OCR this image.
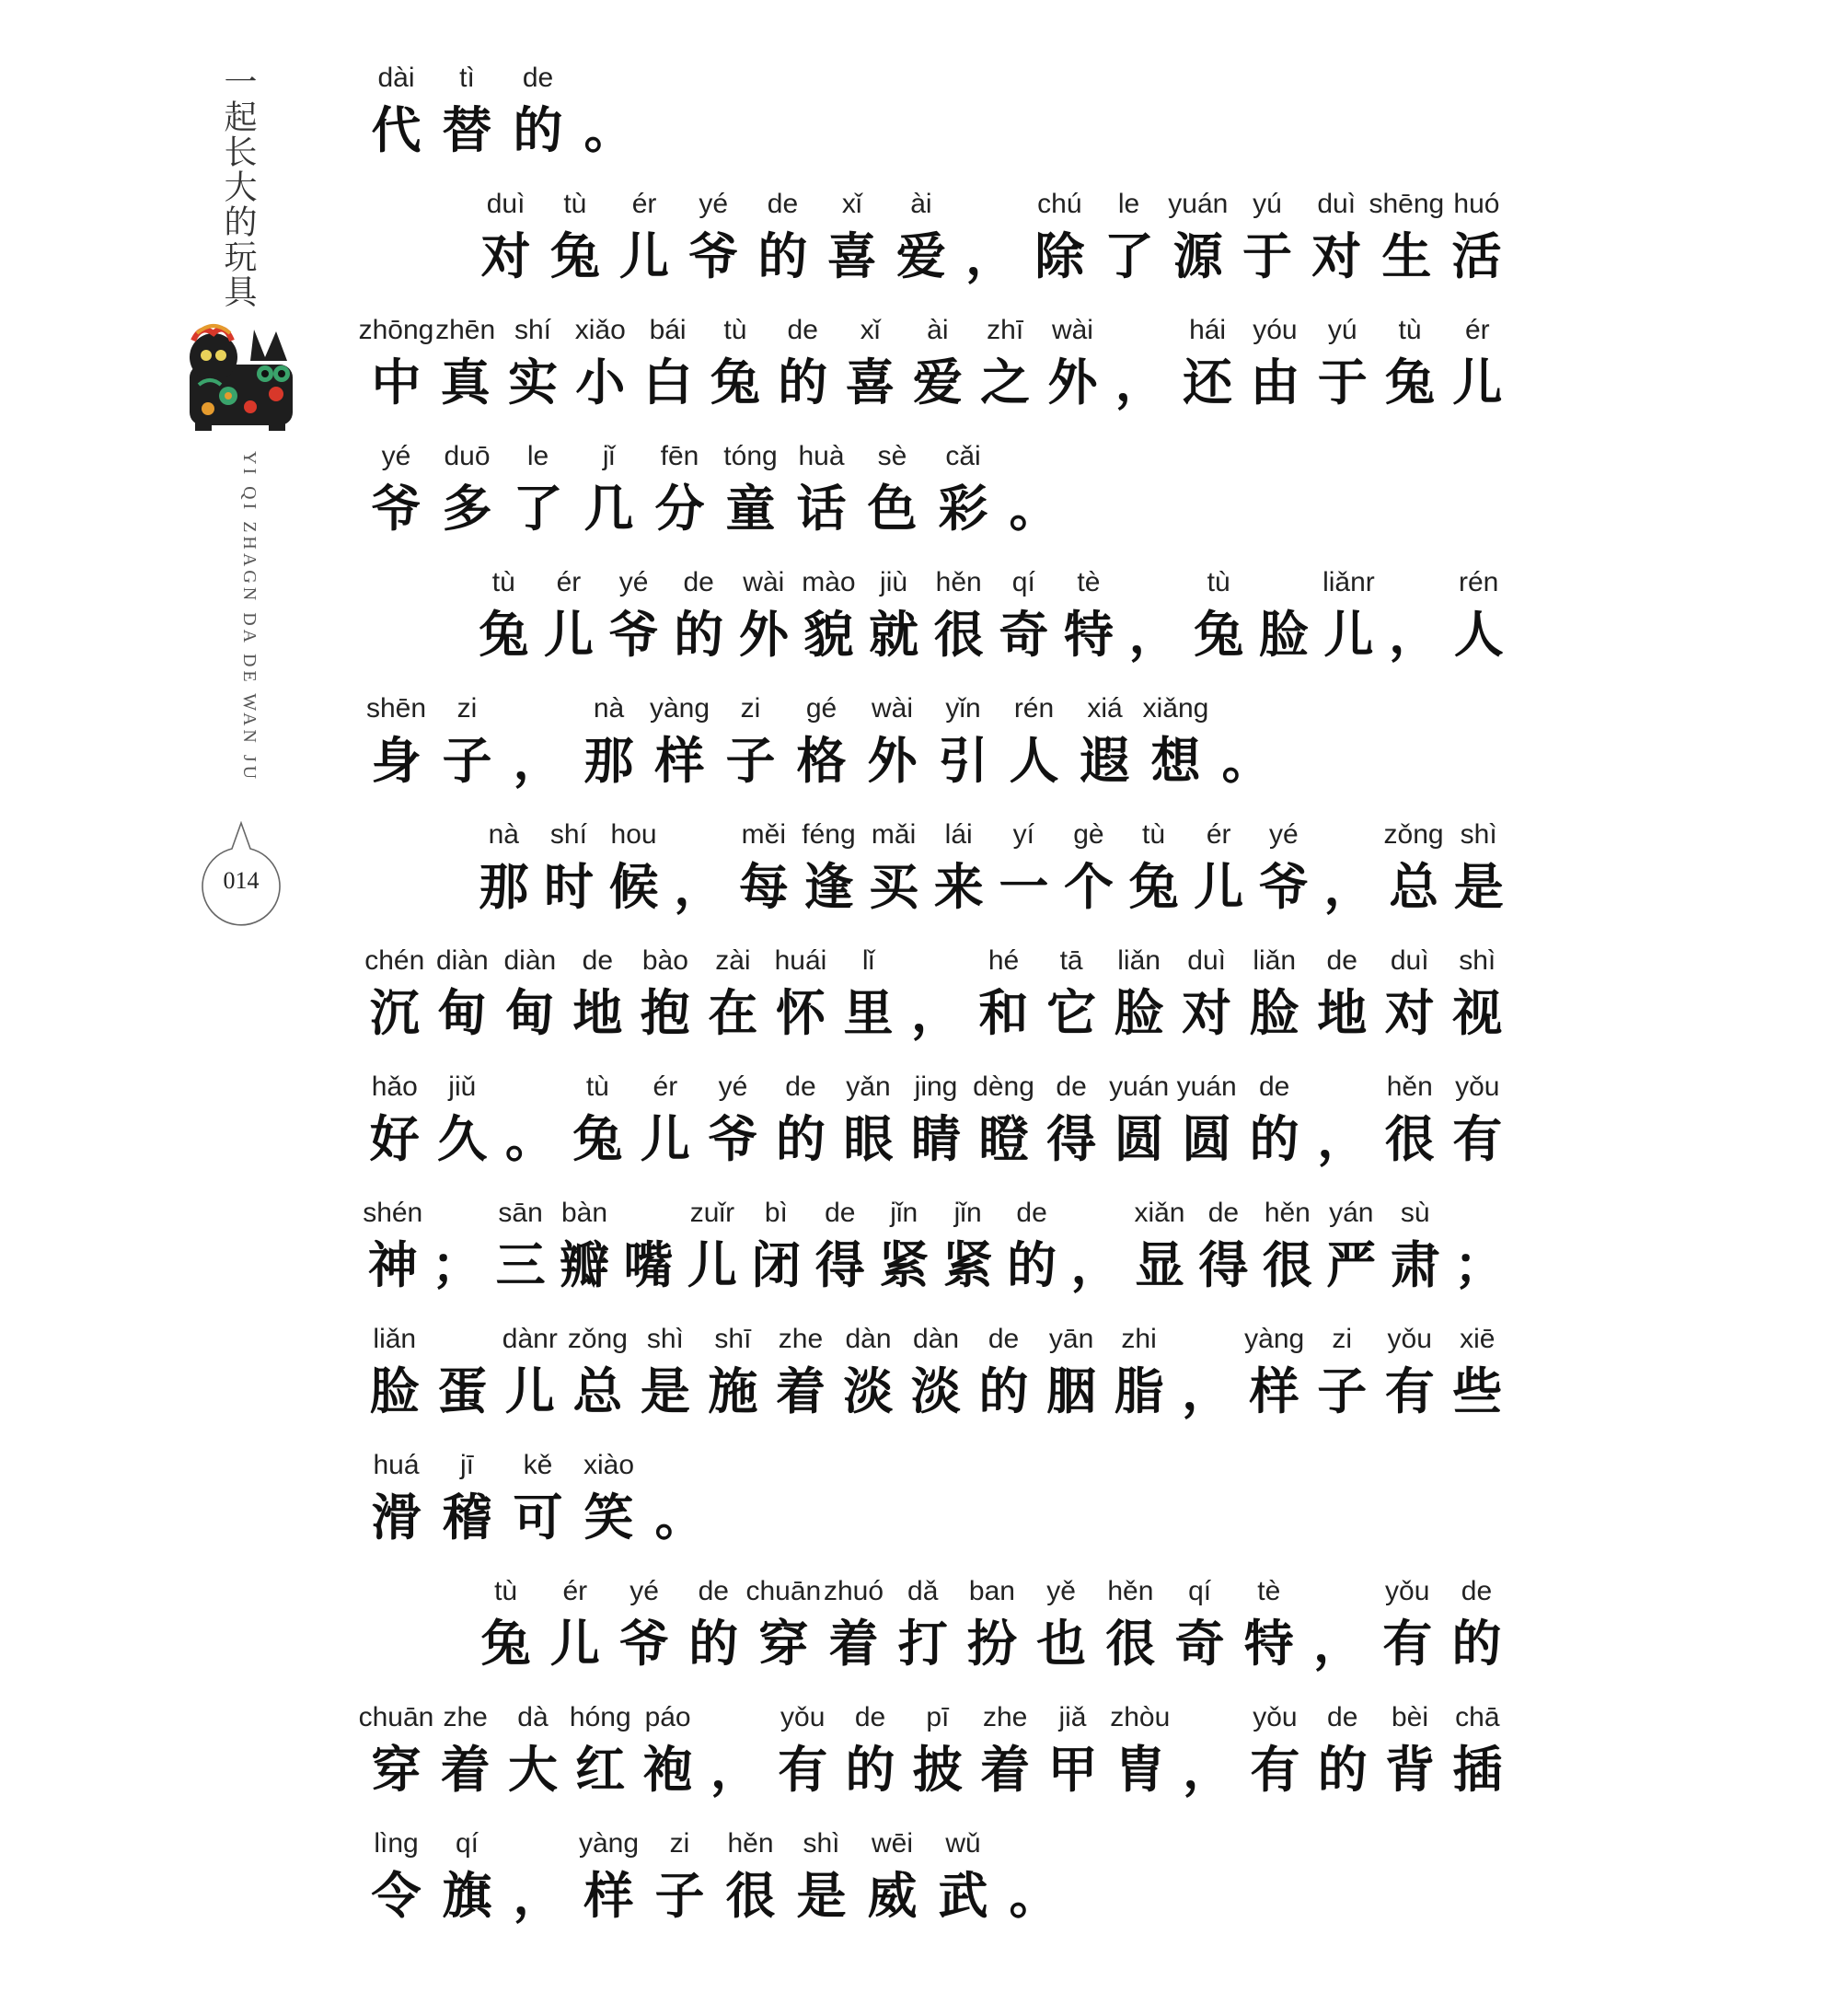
一起长大的玩具
YI QI ZHAGN DA DE WAN JU
014
dài
代
tì
替
de
的 。
duì
对
tù
兔
ér
儿
yé
爷
de
的
xǐ
喜
ài
爱 ，
chú
除
le
了
yuán
源
yú
于
duì
对
shēng
生
huó
活
zhōng
中
zhēn
真
shí
实
xiǎo
小
bái
白
tù
兔
de
的
xǐ
喜
ài
爱
zhī
之
wài
外 ，
hái
还
yóu
由
yú
于
tù
兔
ér
儿
yé
爷
duō
多
le
了
jǐ
几
fēn
分
tóng
童
huà
话
sè
色
cǎi
彩 。
tù
兔
ér
儿
yé
爷
de
的
wài
外
mào
貌
jiù
就
hěn
很
qí
奇
tè
特 ，
tù
兔 脸
liǎnr
儿 ，
rén
人
shēn
身
zi
子 ，
nà
那
yàng
样
zi
子
gé
格
wài
外
yǐn
引
rén
人
xiá
遐
xiǎng
想 。
nà
那
shí
时
hou
候 ，
měi
每
féng
逢
mǎi
买
lái
来
yí
一
gè
个
tù
兔
ér
儿
yé
爷 ，
zǒng
总
shì
是
chén
沉
diàn
甸
diàn
甸
de
地
bào
抱
zài
在
huái
怀
lǐ
里 ，
hé
和
tā
它
liǎn
脸
duì
对
liǎn
脸
de
地
duì
对
shì
视
hǎo
好
jiǔ
久 。
tù
兔
ér
儿
yé
爷
de
的
yǎn
眼
jing
睛
dèng
瞪
de
得
yuán
圆
yuán
圆
de
的 ，
hěn
很
yǒu
有
shén
神 ；
sān
三
bàn
瓣 嘴
zuǐr
儿
bì
闭
de
得
jǐn
紧
jǐn
紧
de
的 ，
xiǎn
显
de
得
hěn
很
yán
严
sù
肃 ；
liǎn
脸 蛋
dànr
儿
zǒng
总
shì
是
shī
施
zhe
着
dàn
淡
dàn
淡
de
的
yān
胭
zhi
脂 ，
yàng
样
zi
子
yǒu
有
xiē
些
huá
滑
jī
稽
kě
可
xiào
笑 。
tù
兔
ér
儿
yé
爷
de
的
chuān
穿
zhuó
着
dǎ
打
ban
扮
yě
也
hěn
很
qí
奇
tè
特 ，
yǒu
有
de
的
chuān
穿
zhe
着
dà
大
hóng
红
páo
袍 ，
yǒu
有
de
的
pī
披
zhe
着
jiǎ
甲
zhòu
胄 ，
yǒu
有
de
的
bèi
背
chā
插
lìng
令
qí
旗 ，
yàng
样
zi
子
hěn
很
shì
是
wēi
威
wǔ
武 。
